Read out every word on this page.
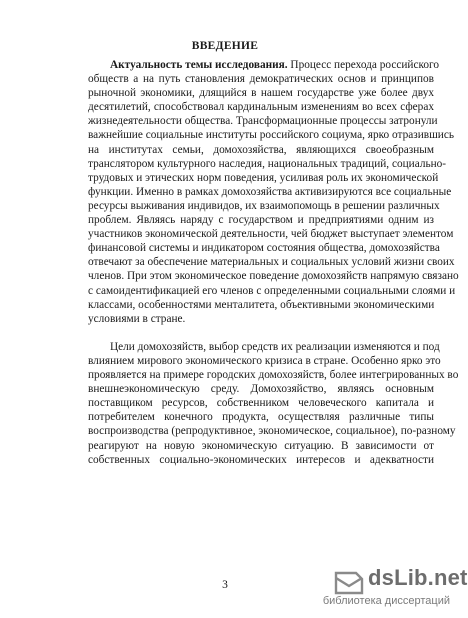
ВВЕДЕНИЕ
Актуальность темы исследования. Процесс перехода российского
обществ а на путь становления демократических основ и принципов
рыночной экономики, длящийся в нашем государстве уже более двух
десятилетий, способствовал кардинальным изменениям во всех сферах
жизнедеятельности общества. Трансформационные процессы затронули
важнейшие социальные институты российского социума, ярко отразившись
на институтах семьи, домохозяйства, являющихся своеобразным
транслятором культурного наследия, национальных традиций, социально-
трудовых и этических норм поведения, усиливая роль их экономической
функции. Именно в рамках домохозяйства активизируются все социальные
ресурсы выживания индивидов, их взаимопомощь в решении различных
проблем. Являясь наряду с государством и предприятиями одним из
участников экономической деятельности, чей бюджет выступает элементом
финансовой системы и индикатором состояния общества, домохозяйства
отвечают за обеспечение материальных и социальных условий жизни своих
членов. При этом экономическое поведение домохозяйств напрямую связано
с самоидентификацией его членов с определенными социальными слоями и
классами, особенностями менталитета, объективными экономическими
условиями в стране.
Цели домохозяйств, выбор средств их реализации изменяются и под
влиянием мирового экономического кризиса в стране. Особенно ярко это
проявляется на примере городских домохозяйств, более интегрированных во
внешнеэкономическую среду. Домохозяйство, являясь основным
поставщиком ресурсов, собственником человеческого капитала и
потребителем конечного продукта, осуществляя различные типы
воспроизводства (репродуктивное, экономическое, социальное), по-разному
реагируют на новую экономическую ситуацию. В зависимости от
собственных социально-экономических интересов и адекватности
3	dsLib.net
библиотека диссертаций
